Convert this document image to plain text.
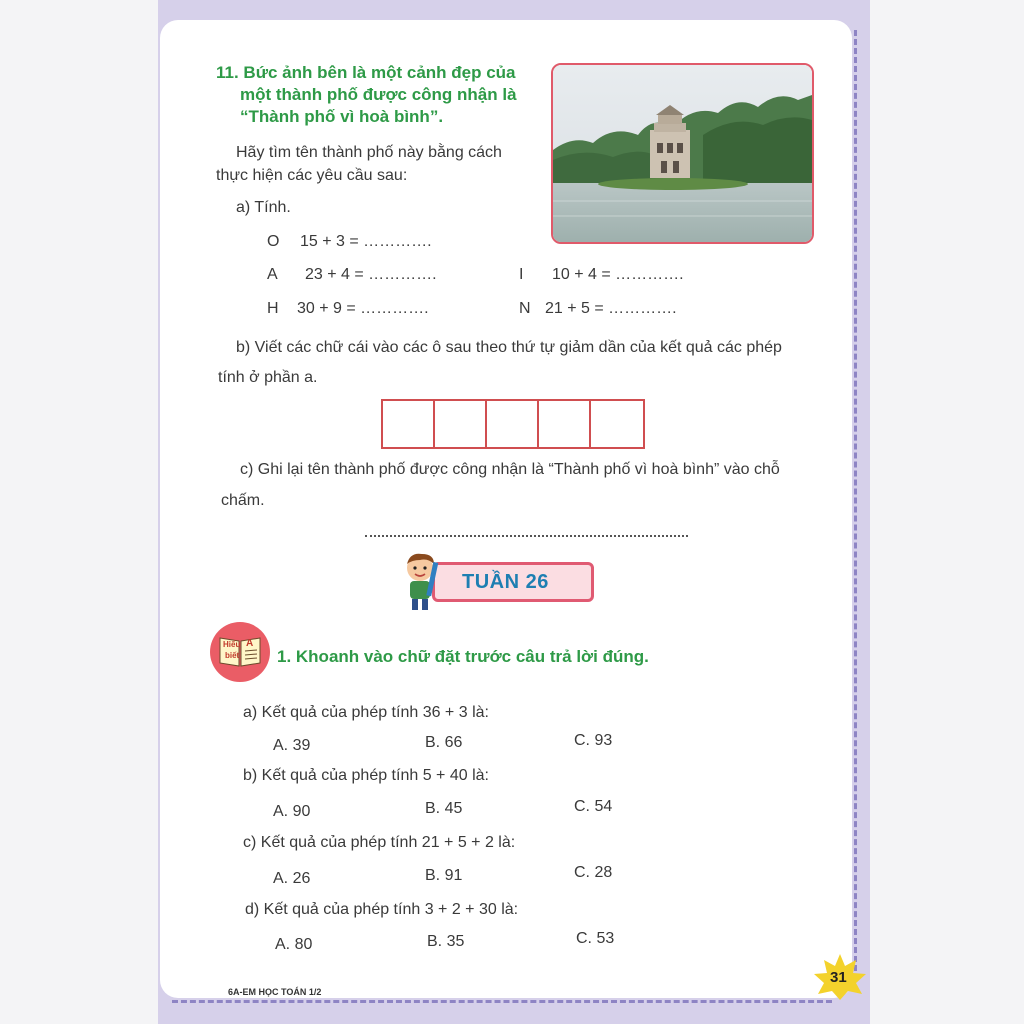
11. Bức ảnh bên là một cảnh đẹp của
một thành phố được công nhận là
“Thành phố vì hoà bình”.
Hãy tìm tên thành phố này bằng cách
thực hiện các yêu cầu sau:
a) Tính.
O 15 + 3 = ………….
A 23 + 4 = ………….	I 10 + 4 = ………….
H 30 + 9 = ………….	N 21 + 5 = ………….
b) Viết các chữ cái vào các ô sau theo thứ tự giảm dần của kết quả các phép
tính ở phần a.
c) Ghi lại tên thành phố được công nhận là “Thành phố vì hoà bình” vào chỗ
chấm.
TUẦN 26
Hiểu
biết
A
1. Khoanh vào chữ đặt trước câu trả lời đúng.
a) Kết quả của phép tính 36 + 3 là:
A. 39	B. 66	C. 93
b) Kết quả của phép tính 5 + 40 là:
A. 90	B. 45	C. 54
c) Kết quả của phép tính 21 + 5 + 2 là:
A. 26	B. 91	C. 28
d) Kết quả của phép tính 3 + 2 + 30 là:
A. 80	B. 35	C. 53
6A-EM HỌC TOÁN 1/2
31
